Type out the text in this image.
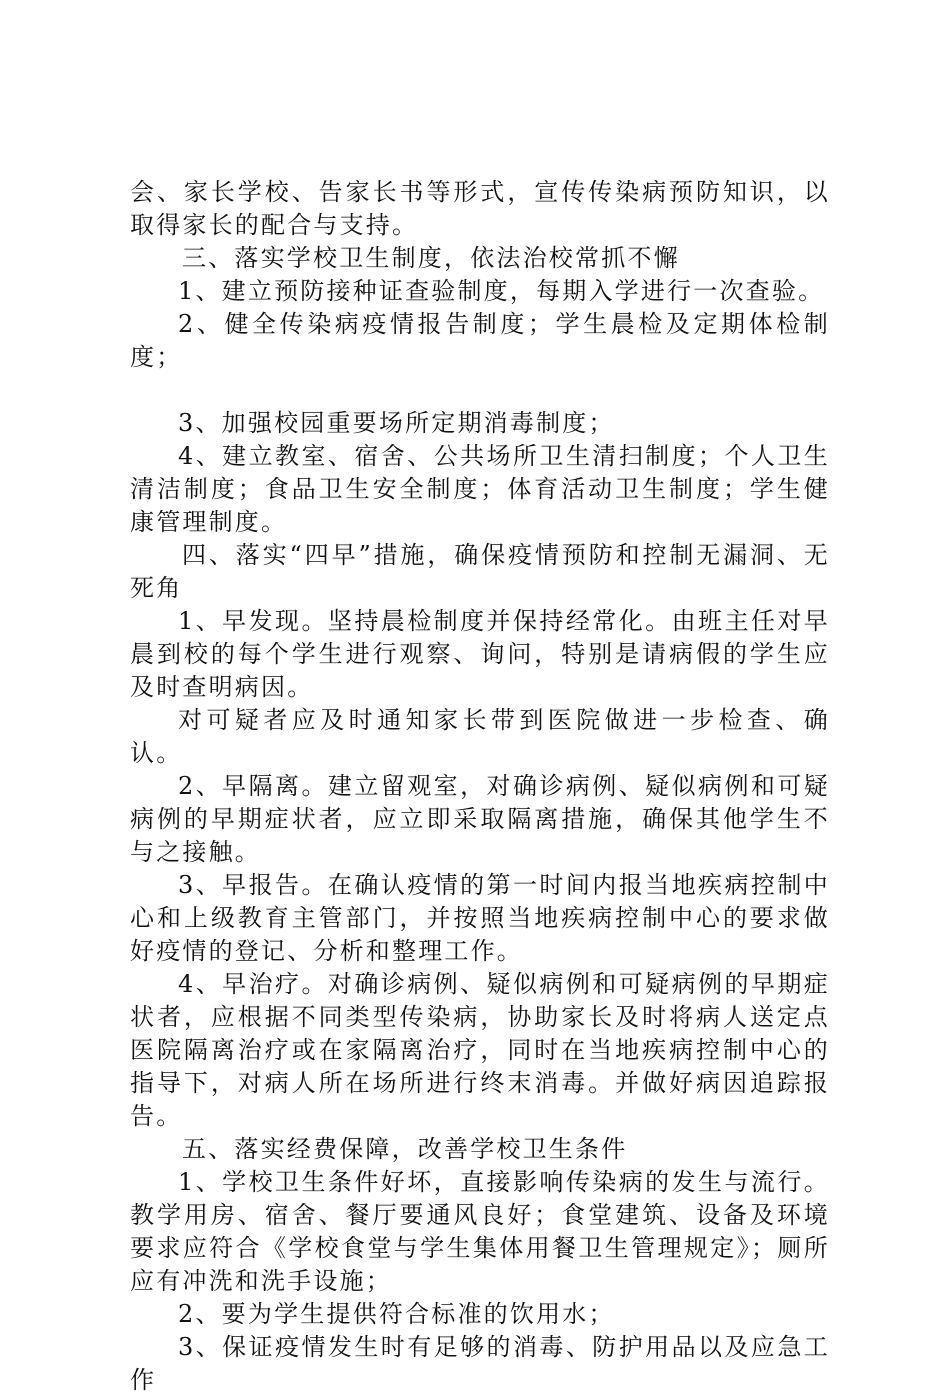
会、家长学校、告家长书等形式，宣传传染病预防知识，以取得家长的配合与支持。

三、落实学校卫生制度，依法治校常抓不懈

1、建立预防接种证查验制度，每期入学进行一次查验。

2、健全传染病疫情报告制度；学生晨检及定期体检制度；

3、加强校园重要场所定期消毒制度；

4、建立教室、宿舍、公共场所卫生清扫制度；个人卫生清洁制度；食品卫生安全制度；体育活动卫生制度；学生健康管理制度。

四、落实“四早”措施，确保疫情预防和控制无漏洞、无死角

1、早发现。坚持晨检制度并保持经常化。由班主任对早晨到校的每个学生进行观察、询问，特别是请病假的学生应及时查明病因。

对可疑者应及时通知家长带到医院做进一步检查、确认。

2、早隔离。建立留观室，对确诊病例、疑似病例和可疑病例的早期症状者，应立即采取隔离措施，确保其他学生不与之接触。

3、早报告。在确认疫情的第一时间内报当地疾病控制中心和上级教育主管部门，并按照当地疾病控制中心的要求做好疫情的登记、分析和整理工作。

4、早治疗。对确诊病例、疑似病例和可疑病例的早期症状者，应根据不同类型传染病，协助家长及时将病人送定点医院隔离治疗或在家隔离治疗，同时在当地疾病控制中心的指导下，对病人所在场所进行终末消毒。并做好病因追踪报告。

五、落实经费保障，改善学校卫生条件

1、学校卫生条件好坏，直接影响传染病的发生与流行。教学用房、宿舍、餐厅要通风良好；食堂建筑、设备及环境要求应符合《学校食堂与学生集体用餐卫生管理规定》；厕所应有冲洗和洗手设施；

2、要为学生提供符合标准的饮用水；

3、保证疫情发生时有足够的消毒、防护用品以及应急工作
